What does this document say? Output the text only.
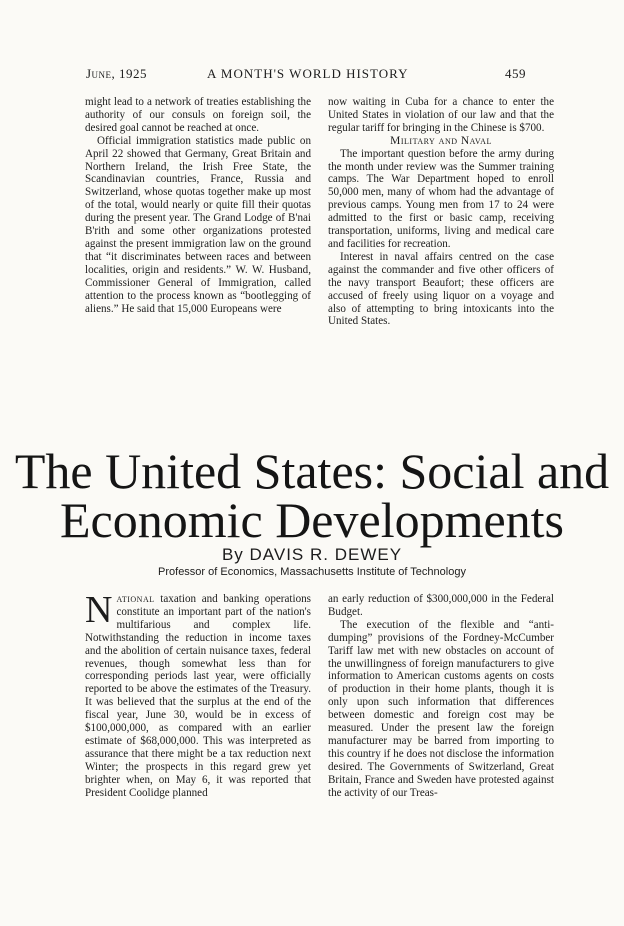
June, 1925	A MONTH'S WORLD HISTORY	459

might lead to a network of treaties establishing the authority of our consuls on foreign soil, the desired goal cannot be reached at once.

Official immigration statistics made public on April 22 showed that Germany, Great Britain and Northern Ireland, the Irish Free State, the Scandinavian countries, France, Russia and Switzerland, whose quotas together make up most of the total, would nearly or quite fill their quotas during the present year. The Grand Lodge of B'nai B'rith and some other organizations protested against the present immigration law on the ground that “it discriminates between races and between localities, origin and residents.” W. W. Husband, Commissioner General of Immigration, called attention to the process known as “bootlegging of aliens.” He said that 15,000 Europeans were

now waiting in Cuba for a chance to enter the United States in violation of our law and that the regular tariff for bringing in the Chinese is $700.

Military and Naval

The important question before the army during the month under review was the Summer training camps. The War Department hoped to enroll 50,000 men, many of whom had the advantage of previous camps. Young men from 17 to 24 were admitted to the first or basic camp, receiving transportation, uniforms, living and medical care and facilities for recreation.

Interest in naval affairs centred on the case against the commander and five other officers of the navy transport Beaufort; these officers are accused of freely using liquor on a voyage and also of attempting to bring intoxicants into the United States.

The United States: Social and
Economic Developments
By DAVIS R. DEWEY
Professor of Economics, Massachusetts Institute of Technology

National taxation and banking operations constitute an important part of the nation's multifarious and complex life. Notwithstanding the reduction in income taxes and the abolition of certain nuisance taxes, federal revenues, though somewhat less than for corresponding periods last year, were officially reported to be above the estimates of the Treasury. It was believed that the surplus at the end of the fiscal year, June 30, would be in excess of $100,000,000, as compared with an earlier estimate of $68,000,000. This was interpreted as assurance that there might be a tax reduction next Winter; the prospects in this regard grew yet brighter when, on May 6, it was reported that President Coolidge planned

an early reduction of $300,000,000 in the Federal Budget.

The execution of the flexible and “anti-dumping” provisions of the Fordney-McCumber Tariff law met with new obstacles on account of the unwillingness of foreign manufacturers to give information to American customs agents on costs of production in their home plants, though it is only upon such information that differences between domestic and foreign cost may be measured. Under the present law the foreign manufacturer may be barred from importing to this country if he does not disclose the information desired. The Governments of Switzerland, Great Britain, France and Sweden have protested against the activity of our Treas-
